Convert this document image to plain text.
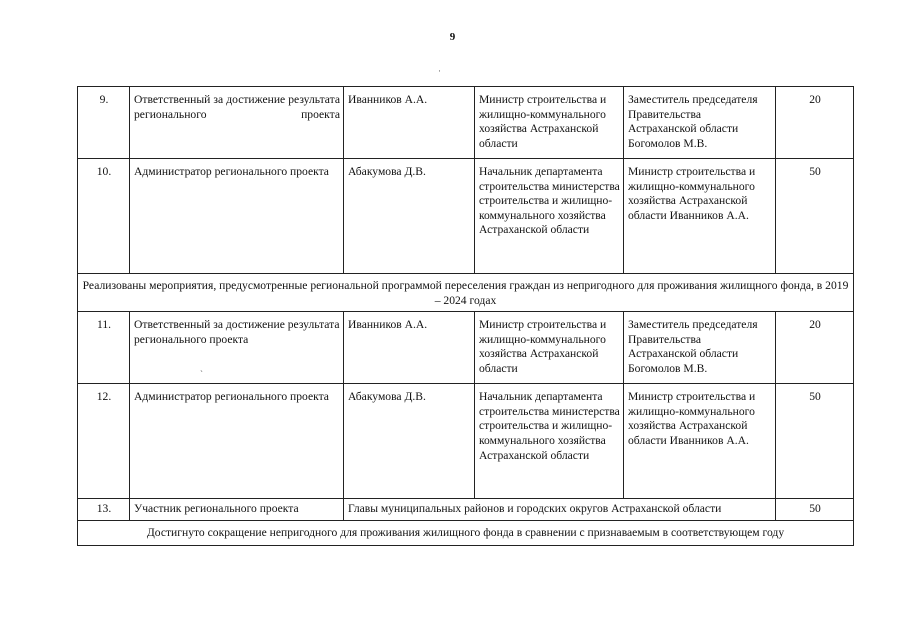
9
·
ˏ
9.	Ответственный за достижение результата регионального проекта	Иванников А.А.	Министр строительства и жилищно-коммунального хозяйства Астраханской области	Заместитель председателя Правительства Астраханской области Богомолов М.В.	20
10.	Администратор регионального проекта	Абакумова Д.В.	Начальник департамента строительства министерства строительства и жилищно-коммунального хозяйства Астраханской области	Министр строительства и жилищно-коммунального хозяйства Астраханской области Иванников А.А.	50
Реализованы мероприятия, предусмотренные региональной программой переселения граждан из непригодного для проживания жилищного фонда, в 2019 – 2024 годах					
11.	Ответственный за достижение результата регионального проекта	Иванников А.А.	Министр строительства и жилищно-коммунального хозяйства Астраханской области	Заместитель председателя Правительства Астраханской области Богомолов М.В.	20
12.	Администратор регионального проекта	Абакумова Д.В.	Начальник департамента строительства министерства строительства и жилищно-коммунального хозяйства Астраханской области	Министр строительства и жилищно-коммунального хозяйства Астраханской области Иванников А.А.	50
13.	Участник регионального проекта	Главы муниципальных районов и городских округов Астраханской области			50
Достигнуто сокращение непригодного для проживания жилищного фонда в сравнении с признаваемым в соответствующем году					
